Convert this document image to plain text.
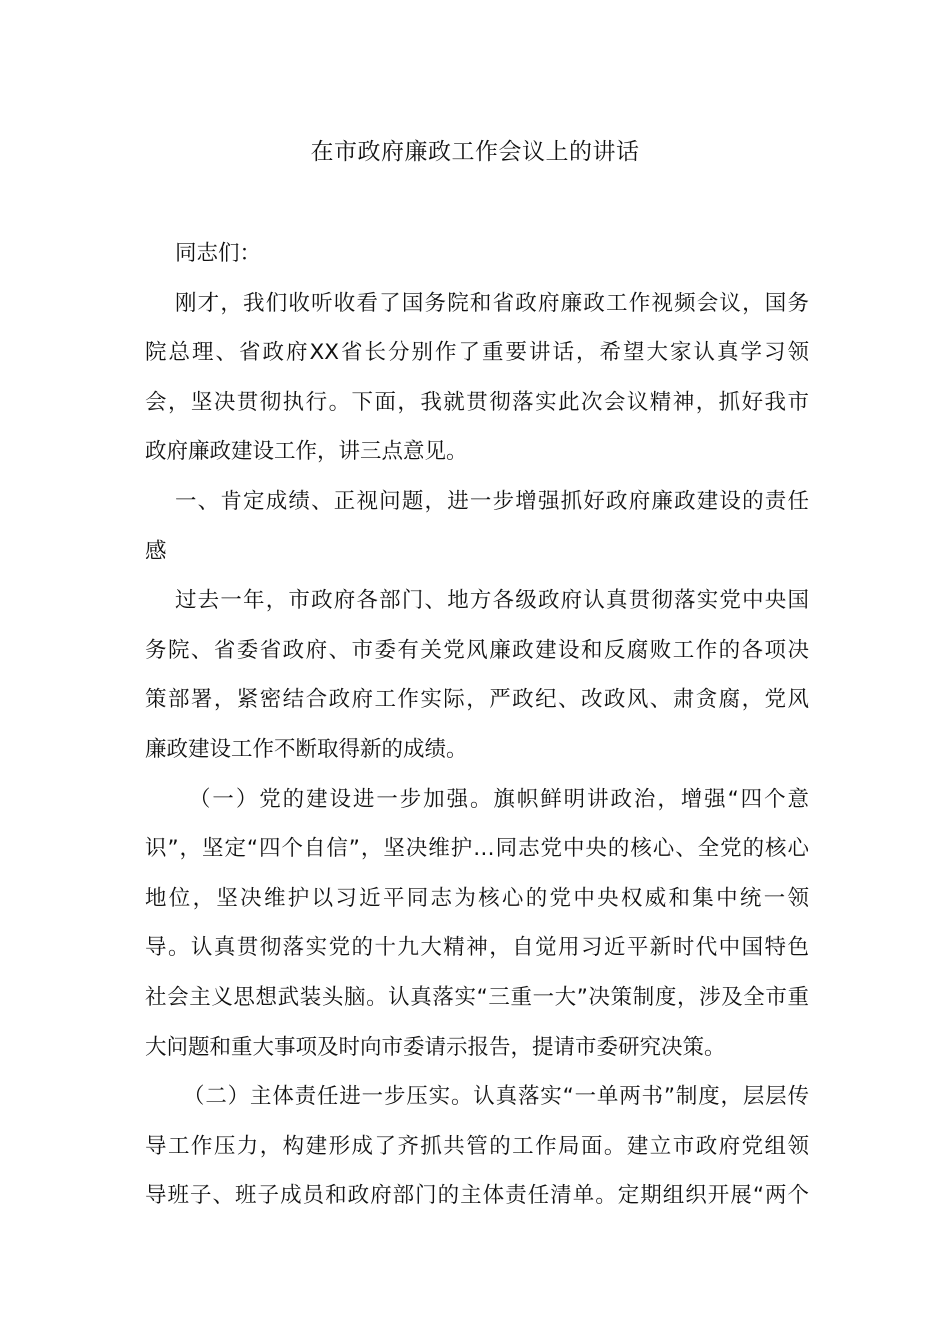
在市政府廉政工作会议上的讲话
同志们：
刚才，我们收听收看了国务院和省政府廉政工作视频会议，国务
院总理、省政府XX省长分别作了重要讲话，希望大家认真学习领
会，坚决贯彻执行。下面，我就贯彻落实此次会议精神，抓好我市
政府廉政建设工作，讲三点意见。
一、肯定成绩、正视问题，进一步增强抓好政府廉政建设的责任
感
过去一年，市政府各部门、地方各级政府认真贯彻落实党中央国
务院、省委省政府、市委有关党风廉政建设和反腐败工作的各项决
策部署，紧密结合政府工作实际，严政纪、改政风、肃贪腐，党风
廉政建设工作不断取得新的成绩。
（一）党的建设进一步加强。旗帜鲜明讲政治，增强“四个意
识”，坚定“四个自信”，坚决维护…同志党中央的核心、全党的核心
地位，坚决维护以习近平同志为核心的党中央权威和集中统一领
导。认真贯彻落实党的十九大精神，自觉用习近平新时代中国特色
社会主义思想武装头脑。认真落实“三重一大”决策制度，涉及全市重
大问题和重大事项及时向市委请示报告，提请市委研究决策。
（二）主体责任进一步压实。认真落实“一单两书”制度，层层传
导工作压力，构建形成了齐抓共管的工作局面。建立市政府党组领
导班子、班子成员和政府部门的主体责任清单。定期组织开展“两个
